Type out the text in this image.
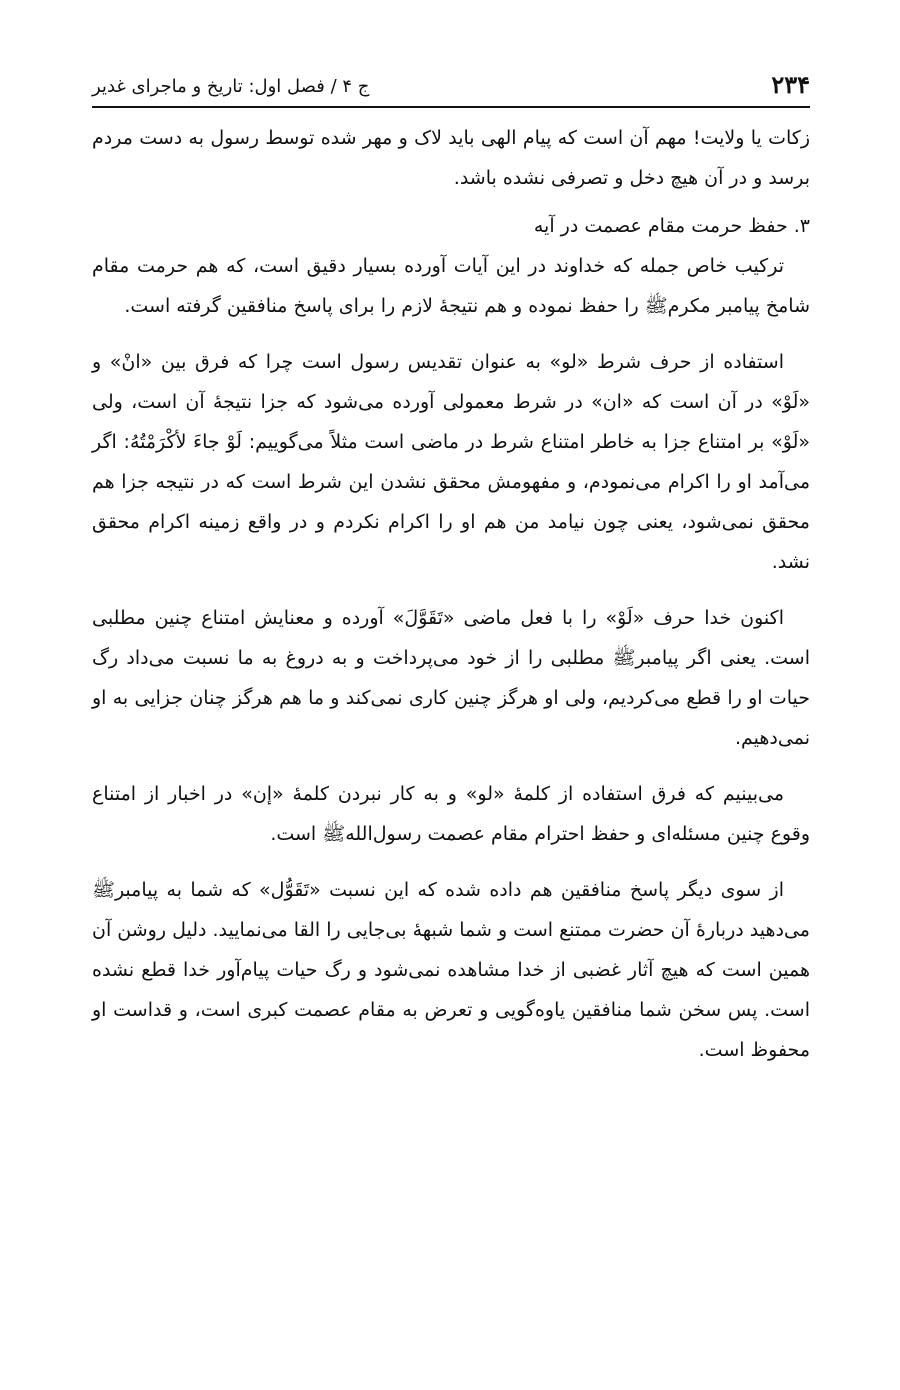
۲۳۴
ج ۴ / فصل اول: تاریخ و ماجرای غدیر

زکات یا ولایت! مهم آن است که پیام الهی باید لاک و مهر شده توسط رسول به دست مردم برسد و در آن هیچ دخل و تصرفی نشده باشد.

۳. حفظ حرمت مقام عصمت در آیه

ترکیب خاص جمله که خداوند در این آیات آورده بسیار دقیق است، که هم حرمت مقام شامخ پیامبر مکرمﷺ را حفظ نموده و هم نتیجهٔ لازم را برای پاسخ منافقین گرفته است.

استفاده از حرف شرط «لو» به عنوان تقدیس رسول است چرا که فرق بین «انْ» و «لَوْ» در آن است که «ان» در شرط معمولی آورده می‌شود که جزا نتیجهٔ آن است، ولی «لَوْ» بر امتناع جزا به خاطر امتناع شرط در ماضی است مثلاً می‌گوییم: لَوْ جاءَ لأکْرَمْتُهُ: اگر می‌آمد او را اکرام می‌نمودم، و مفهومش محقق نشدن این شرط است که در نتیجه جزا هم محقق نمی‌شود، یعنی چون نیامد من هم او را اکرام نکردم و در واقع زمینه اکرام محقق نشد.

اکنون خدا حرف «لَوْ» را با فعل ماضی «تَقَوَّلَ» آورده و معنایش امتناع چنین مطلبی است. یعنی اگر پیامبرﷺ مطلبی را از خود می‌پرداخت و به دروغ به ما نسبت می‌داد رگ حیات او را قطع می‌کردیم، ولی او هرگز چنین کاری نمی‌کند و ما هم هرگز چنان جزایی به او نمی‌دهیم.

می‌بینیم که فرق استفاده از کلمهٔ «لو» و به کار نبردن کلمهٔ «إن» در اخبار از امتناع وقوع چنین مسئله‌ای و حفظ احترام مقام عصمت رسول‌اللهﷺ است.

از سوی دیگر پاسخ منافقین هم داده شده که این نسبت «تَقَوُّل» که شما به پیامبرﷺ می‌دهید دربارهٔ آن حضرت ممتنع است و شما شبههٔ بی‌جایی را القا می‌نمایید. دلیل روشن آن همین است که هیچ آثار غضبی از خدا مشاهده نمی‌شود و رگ حیات پیام‌آور خدا قطع نشده است. پس سخن شما منافقین یاوه‌گویی و تعرض به مقام عصمت کبری است، و قداست او محفوظ است.
